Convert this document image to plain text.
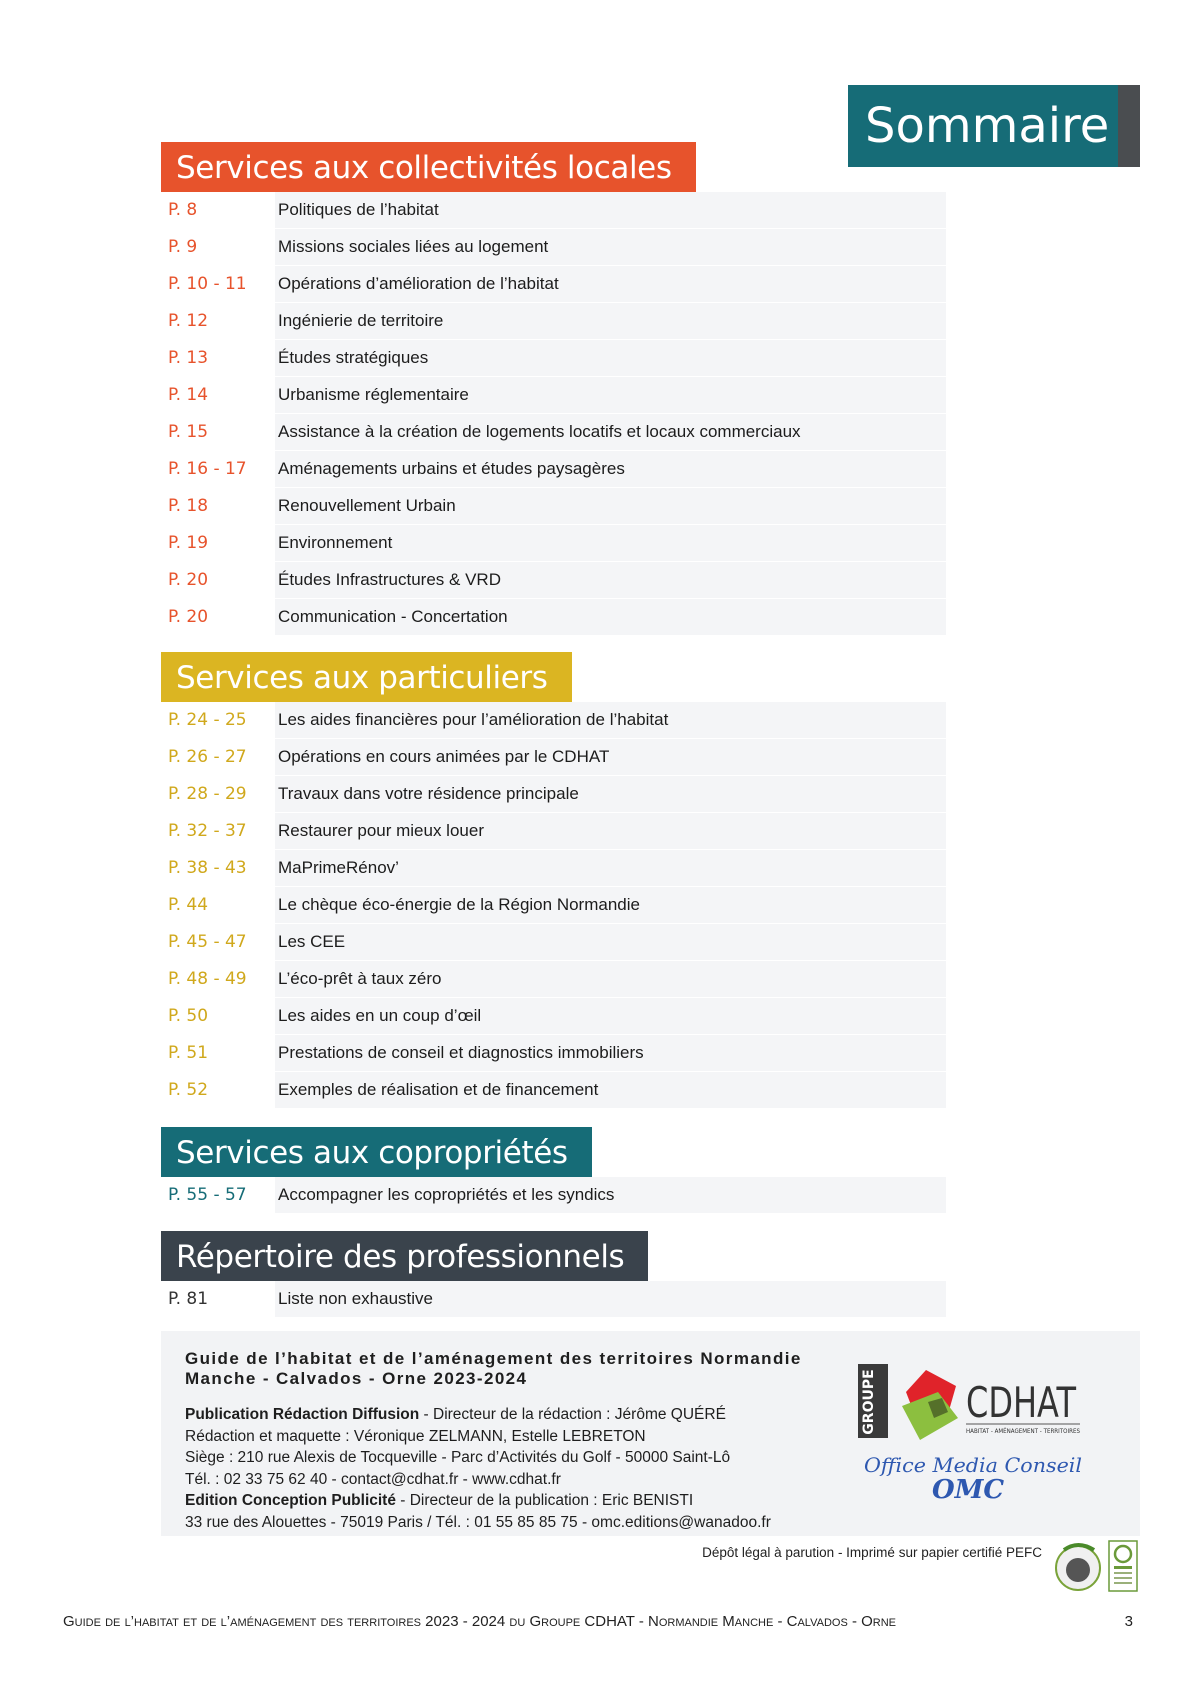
Sommaire
Services aux collectivités locales
P. 8	Politiques de l’habitat
P. 9	Missions sociales liées au logement
P. 10 - 11	Opérations d’amélioration de l’habitat
P. 12	Ingénierie de territoire
P. 13	Études stratégiques
P. 14	Urbanisme réglementaire
P. 15	Assistance à la création de logements locatifs et locaux commerciaux
P. 16 - 17	Aménagements urbains et études paysagères
P. 18	Renouvellement Urbain
P. 19	Environnement
P. 20	Études Infrastructures & VRD
P. 20	Communication - Concertation
Services aux particuliers
P. 24 - 25	Les aides financières pour l’amélioration de l’habitat
P. 26 - 27	Opérations en cours animées par le CDHAT
P. 28 - 29	Travaux dans votre résidence principale
P. 32 - 37	Restaurer pour mieux louer
P. 38 - 43	MaPrimeRénov’
P. 44	Le chèque éco-énergie de la Région Normandie
P. 45 - 47	Les CEE
P. 48 - 49	L’éco-prêt à taux zéro
P. 50	Les aides en un coup d’œil
P. 51	Prestations de conseil et diagnostics immobiliers
P. 52	Exemples de réalisation et de financement
Services aux copropriétés
P. 55 - 57	Accompagner les copropriétés et les syndics
Répertoire des professionnels
P. 81	Liste non exhaustive
Guide de l’habitat et de l’aménagement des territoires Normandie
Manche - Calvados - Orne 2023-2024
Publication Rédaction Diffusion - Directeur de la rédaction : Jérôme QUÉRÉ
Rédaction et maquette : Véronique ZELMANN, Estelle LEBRETON
Siège : 210 rue Alexis de Tocqueville - Parc d’Activités du Golf - 50000 Saint-Lô
Tél. : 02 33 75 62 40 - contact@cdhat.fr - www.cdhat.fr
Edition Conception Publicité - Directeur de la publication : Eric BENISTI
33 rue des Alouettes - 75019 Paris / Tél. : 01 55 85 85 75 - omc.editions@wanadoo.fr
GROUPE CDHAT
HABITAT - AMÉNAGEMENT - TERRITOIRES
Office Media Conseil
OMC
Dépôt légal à parution - Imprimé sur papier certifié PEFC
Guide de l’habitat et de l’aménagement des territoires 2023 - 2024 du Groupe CDHAT - Normandie Manche - Calvados - Orne	3
